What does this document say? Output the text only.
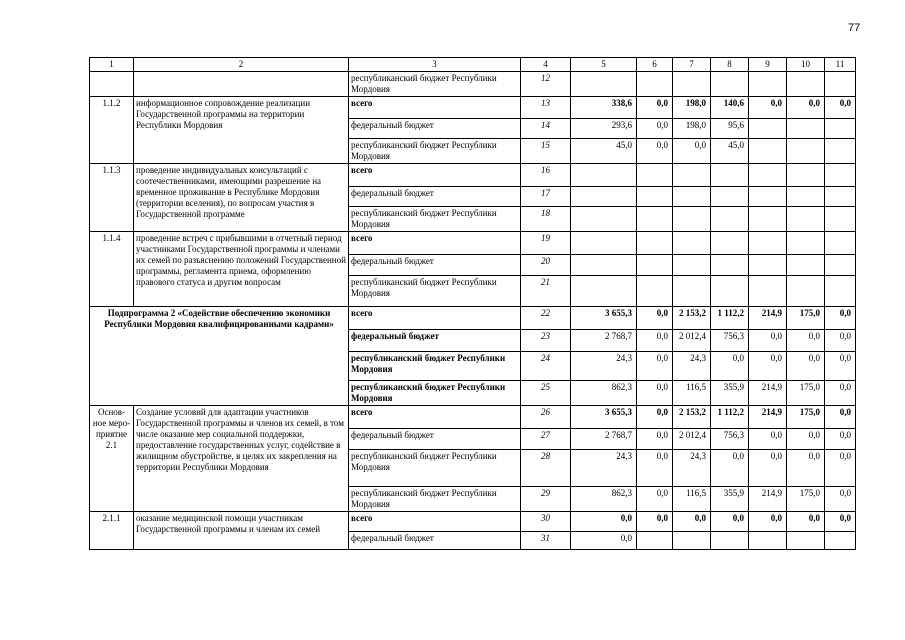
77
1	2	3	4	5	6	7	8	9	10	11
		республиканский бюджет Республики Мордовия	12							
1.1.2	информационное сопровождение реализации Государственной программы на территории Республики Мордовия	всего	13	338,6	0,0	198,0	140,6	0,0	0,0	0,0
		федеральный бюджет	14	293,6	0,0	198,0	95,6			
		республиканский бюджет Республики Мордовия	15	45,0	0,0	0,0	45,0			
1.1.3	проведение индивидуальных консультаций с соотечественниками, имеющими разрешение на временное проживание в Республике Мордовия (территории вселения), по вопросам участия в Государственной программе	всего	16							
		федеральный бюджет	17							
		республиканский бюджет Республики Мордовия	18							
1.1.4	проведение встреч с прибывшими в отчетный период участниками Государственной программы и членами их семей по разъяснению положений Государственной программы, регламента приема, оформлению правового статуса и другим вопросам	всего	19							
		федеральный бюджет	20							
		республиканский бюджет Республики Мордовия	21							
Подпрограмма 2 «Содействие обеспечению экономики Республики Мордовия квалифицированными кадрами»		всего	22	3 655,3	0,0	2 153,2	1 112,2	214,9	175,0	0,0
		федеральный бюджет	23	2 768,7	0,0	2 012,4	756,3	0,0	0,0	0,0
		республиканский бюджет Республики Мордовия	24	24,3	0,0	24,3	0,0	0,0	0,0	0,0
		республиканский бюджет Республики Мордовия	25	862,3	0,0	116,5	355,9	214,9	175,0	0,0
Основ-ное меро-приятие 2.1	Создание условий для адаптации участников Государственной программы и членов их семей, в том числе оказание мер социальной поддержки, предоставление государственных услуг, содействие в жилищном обустройстве, в целях их закрепления на территории Республики Мордовия	всего	26	3 655,3	0,0	2 153,2	1 112,2	214,9	175,0	0,0
		федеральный бюджет	27	2 768,7	0,0	2 012,4	756,3	0,0	0,0	0,0
		республиканский бюджет Республики Мордовия	28	24,3	0,0	24,3	0,0	0,0	0,0	0,0
		республиканский бюджет Республики Мордовия	29	862,3	0,0	116,5	355,9	214,9	175,0	0,0
2.1.1	оказание медицинской помощи участникам Государственной программы и членам их семей	всего	30	0,0	0,0	0,0	0,0	0,0	0,0	0,0
		федеральный бюджет	31	0,0						
